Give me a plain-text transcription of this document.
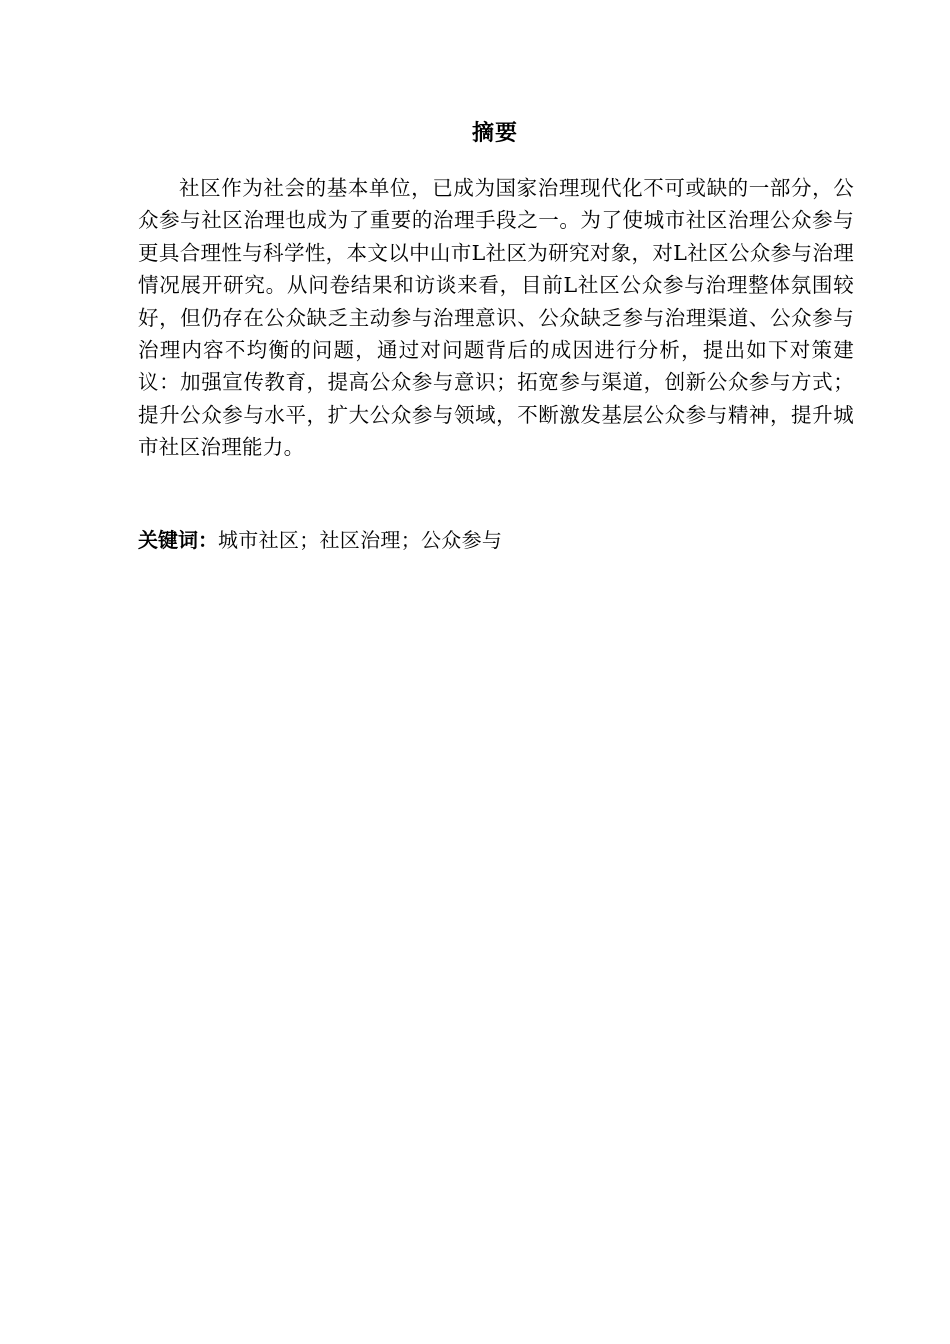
摘要

社区作为社会的基本单位，已成为国家治理现代化不可或缺的一部分，公众参与社区治理也成为了重要的治理手段之一。为了使城市社区治理公众参与更具合理性与科学性，本文以中山市L社区为研究对象，对L社区公众参与治理情况展开研究。从问卷结果和访谈来看，目前L社区公众参与治理整体氛围较好，但仍存在公众缺乏主动参与治理意识、公众缺乏参与治理渠道、公众参与治理内容不均衡的问题，通过对问题背后的成因进行分析，提出如下对策建议：加强宣传教育，提高公众参与意识；拓宽参与渠道，创新公众参与方式；提升公众参与水平，扩大公众参与领域，不断激发基层公众参与精神，提升城市社区治理能力。

关键词：城市社区；社区治理；公众参与
